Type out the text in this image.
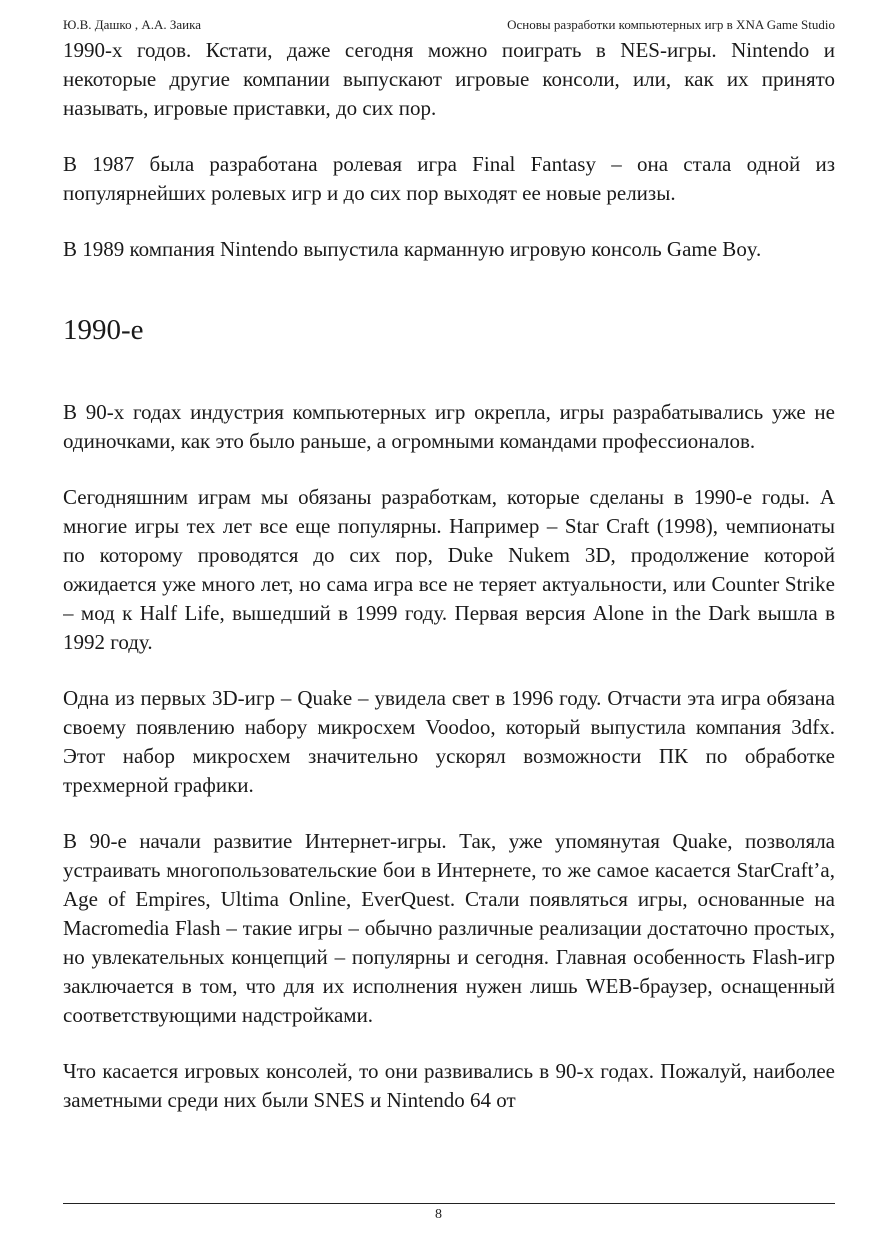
Ю.В. Дашко , А.А. Заика	Основы разработки компьютерных игр в XNA Game Studio

1990-х годов. Кстати, даже сегодня можно поиграть в NES-игры. Nintendo и некоторые другие компании выпускают игровые консоли, или, как их принято называть, игровые приставки, до сих пор.

В 1987 была разработана ролевая игра Final Fantasy – она стала одной из популярнейших ролевых игр и до сих пор выходят ее новые релизы.

В 1989 компания Nintendo выпустила карманную игровую консоль Game Boy.

1990-е

В 90-х годах индустрия компьютерных игр окрепла, игры разрабатывались уже не одиночками, как это было раньше, а огромными командами профессионалов.

Сегодняшним играм мы обязаны разработкам, которые сделаны в 1990-е годы. А многие игры тех лет все еще популярны. Например – Star Craft (1998), чемпионаты по которому проводятся до сих пор, Duke Nukem 3D, продолжение которой ожидается уже много лет, но сама игра все не теряет актуальности, или Counter Strike – мод к Half Life, вышедший в 1999 году. Первая версия Alone in the Dark вышла в 1992 году.

Одна из первых 3D-игр – Quake – увидела свет в 1996 году. Отчасти эта игра обязана своему появлению набору микросхем Voodoo, который выпустила компания 3dfx. Этот набор микросхем значительно ускорял возможности ПК по обработке трехмерной графики.

В 90-е начали развитие Интернет-игры. Так, уже упомянутая Quake, позволяла устраивать многопользовательские бои в Интернете, то же самое касается StarCraft’a, Age of Empires, Ultima Online, EverQuest. Стали появляться игры, основанные на Macromedia Flash – такие игры – обычно различные реализации достаточно простых, но увлекательных концепций – популярны и сегодня. Главная особенность Flash-игр заключается в том, что для их исполнения нужен лишь WEB-браузер, оснащенный соответствующими надстройками.

Что касается игровых консолей, то они развивались в 90-х годах. Пожалуй, наиболее заметными среди них были SNES и Nintendo 64 от

8
